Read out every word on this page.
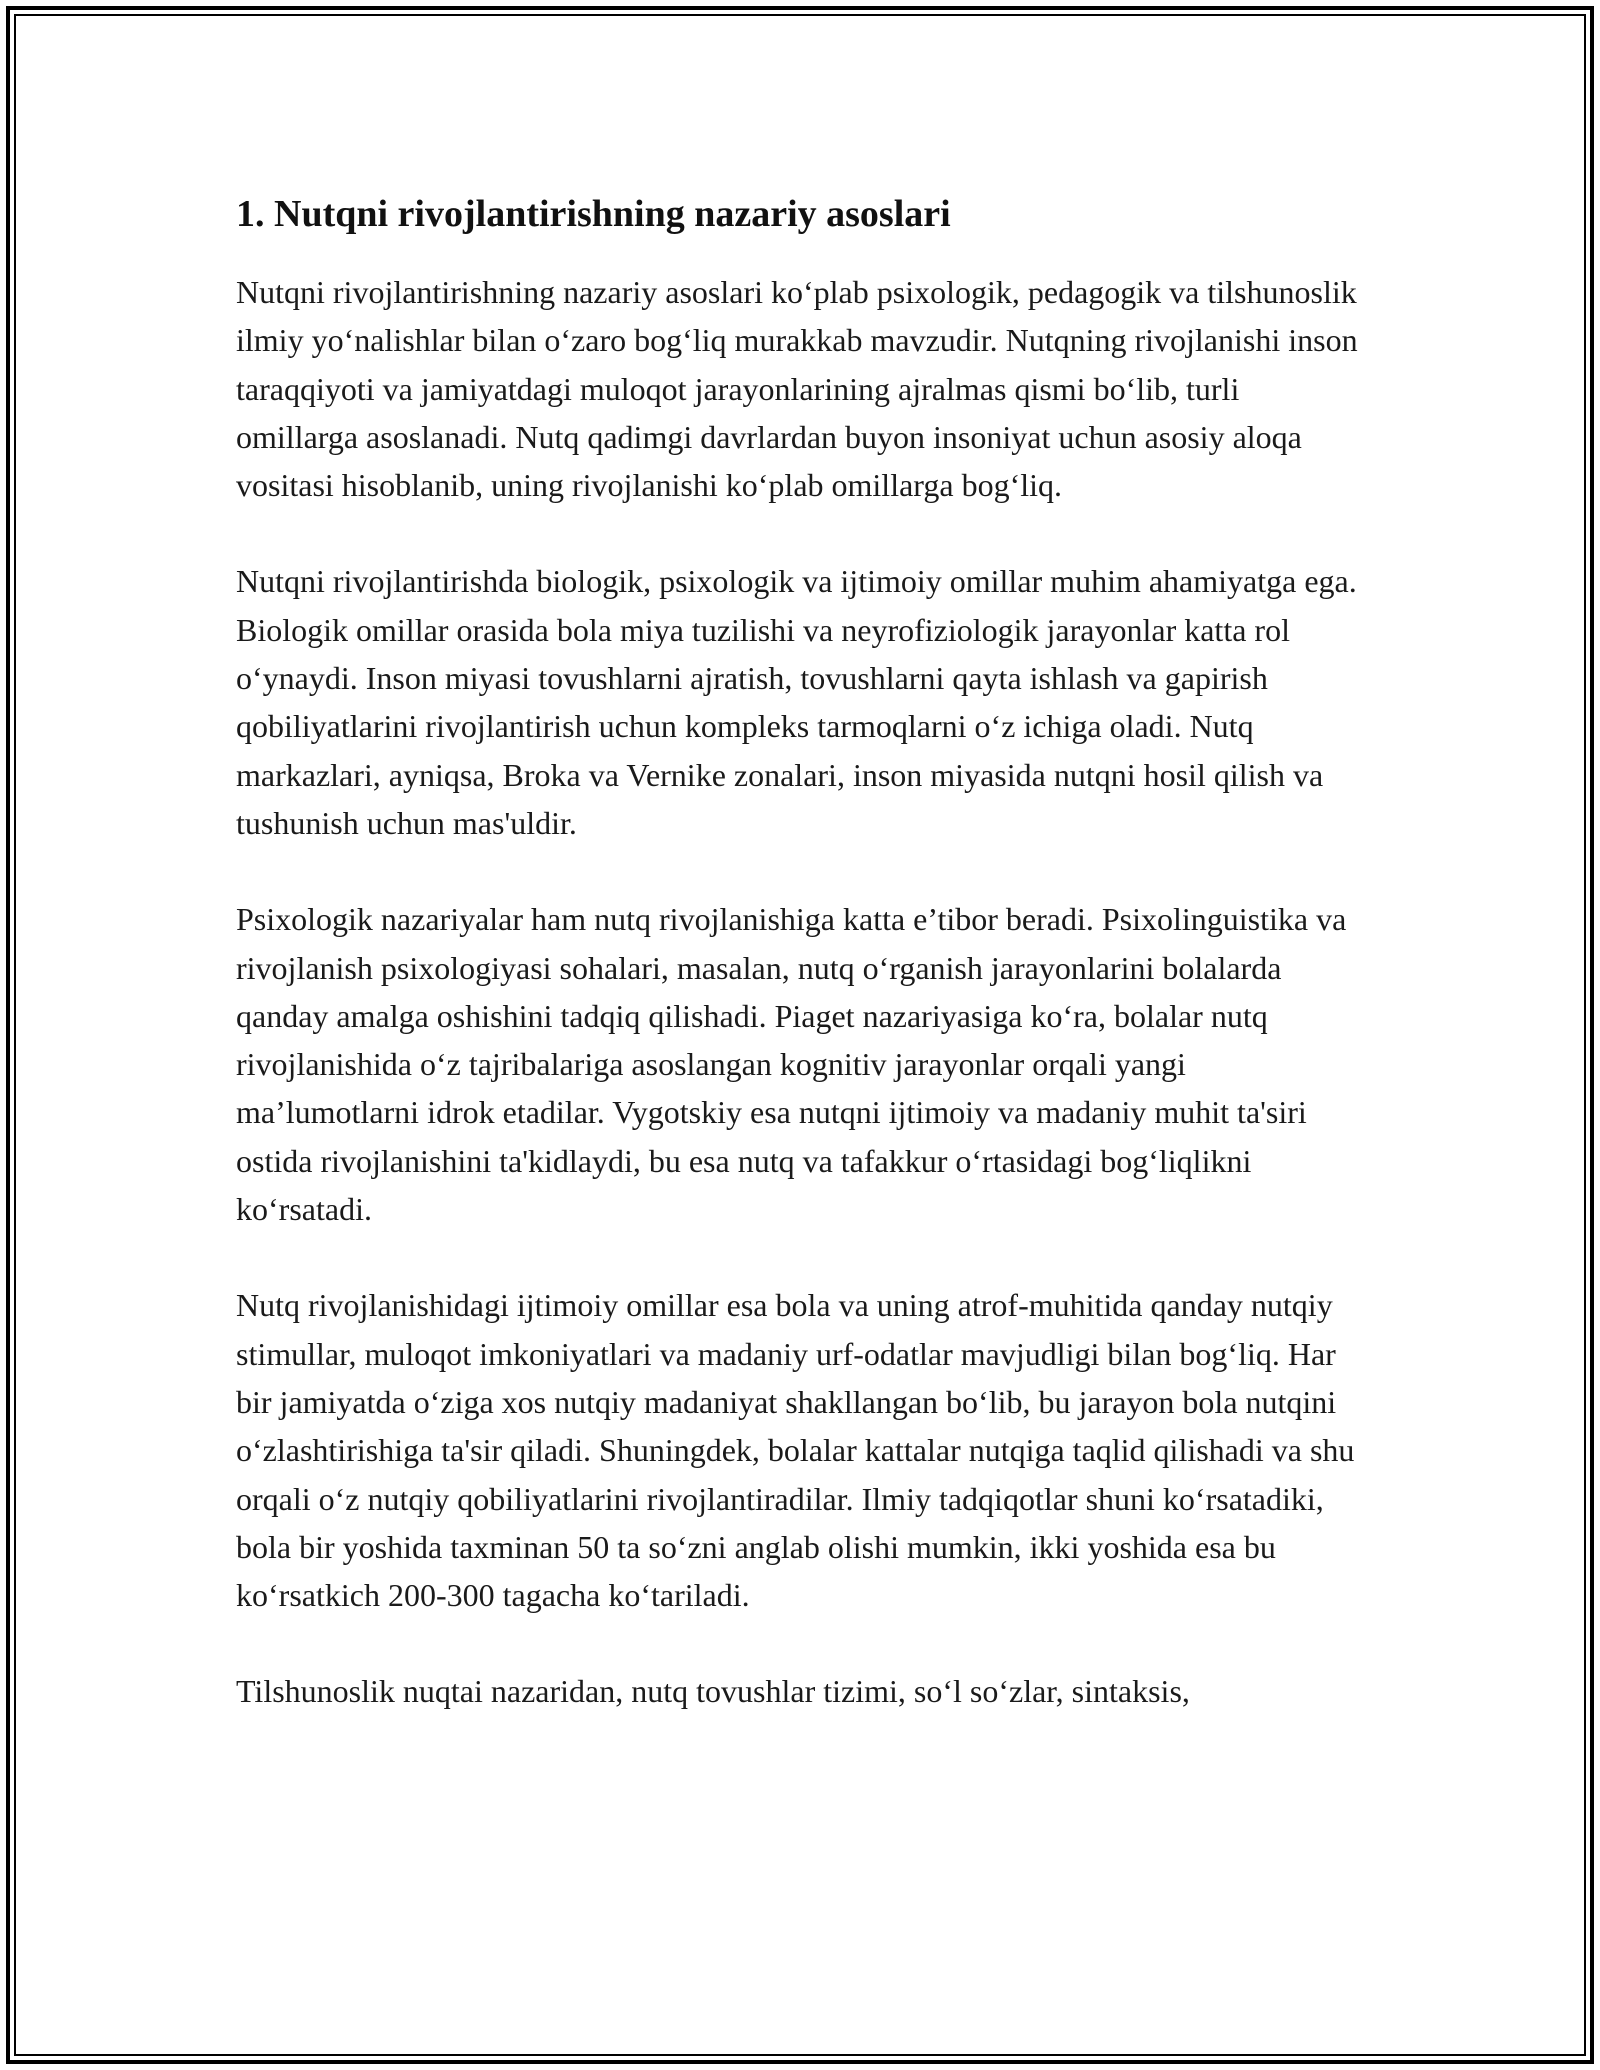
1. Nutqni rivojlantirishning nazariy asoslari

Nutqni rivojlantirishning nazariy asoslari ko‘plab psixologik, pedagogik va tilshunoslik ilmiy yo‘nalishlar bilan o‘zaro bog‘liq murakkab mavzudir. Nutqning rivojlanishi inson taraqqiyoti va jamiyatdagi muloqot jarayonlarining ajralmas qismi bo‘lib, turli omillarga asoslanadi. Nutq qadimgi davrlardan buyon insoniyat uchun asosiy aloqa vositasi hisoblanib, uning rivojlanishi ko‘plab omillarga bog‘liq.

Nutqni rivojlantirishda biologik, psixologik va ijtimoiy omillar muhim ahamiyatga ega. Biologik omillar orasida bola miya tuzilishi va neyrofiziologik jarayonlar katta rol o‘ynaydi. Inson miyasi tovushlarni ajratish, tovushlarni qayta ishlash va gapirish qobiliyatlarini rivojlantirish uchun kompleks tarmoqlarni o‘z ichiga oladi. Nutq markazlari, ayniqsa, Broka va Vernike zonalari, inson miyasida nutqni hosil qilish va tushunish uchun mas'uldir.

Psixologik nazariyalar ham nutq rivojlanishiga katta e’tibor beradi. Psixolinguistika va rivojlanish psixologiyasi sohalari, masalan, nutq o‘rganish jarayonlarini bolalarda qanday amalga oshishini tadqiq qilishadi. Piaget nazariyasiga ko‘ra, bolalar nutq rivojlanishida o‘z tajribalariga asoslangan kognitiv jarayonlar orqali yangi ma’lumotlarni idrok etadilar. Vygotskiy esa nutqni ijtimoiy va madaniy muhit ta'siri ostida rivojlanishini ta'kidlaydi, bu esa nutq va tafakkur o‘rtasidagi bog‘liqlikni ko‘rsatadi.

Nutq rivojlanishidagi ijtimoiy omillar esa bola va uning atrof-muhitida qanday nutqiy stimullar, muloqot imkoniyatlari va madaniy urf-odatlar mavjudligi bilan bog‘liq. Har bir jamiyatda o‘ziga xos nutqiy madaniyat shakllangan bo‘lib, bu jarayon bola nutqini o‘zlashtirishiga ta'sir qiladi. Shuningdek, bolalar kattalar nutqiga taqlid qilishadi va shu orqali o‘z nutqiy qobiliyatlarini rivojlantiradilar. Ilmiy tadqiqotlar shuni ko‘rsatadiki, bola bir yoshida taxminan 50 ta so‘zni anglab olishi mumkin, ikki yoshida esa bu ko‘rsatkich 200-300 tagacha ko‘tariladi.

Tilshunoslik nuqtai nazaridan, nutq tovushlar tizimi, so‘l so‘zlar, sintaksis,
